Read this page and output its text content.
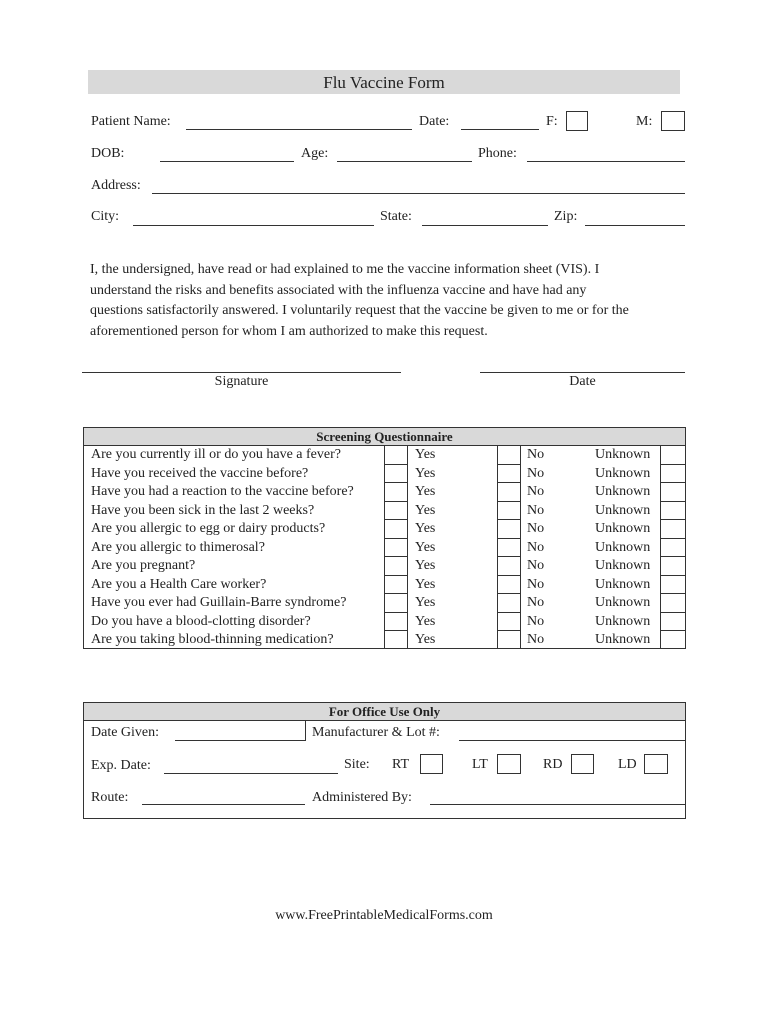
Flu Vaccine Form
Patient Name:	Date:	F:	M:
DOB:	Age:	Phone:
Address:
City:	State:	Zip:
I, the undersigned, have read or had explained to me the vaccine information sheet (VIS). I
understand the risks and benefits associated with the influenza vaccine and have had any
questions satisfactorily answered. I voluntarily request that the vaccine be given to me or for the
aforementioned person for whom I am authorized to make this request.
Signature	Date
Screening Questionnaire
Are you currently ill or do you have a fever?	Yes	No	Unknown
Have you received the vaccine before?	Yes	No	Unknown
Have you had a reaction to the vaccine before?	Yes	No	Unknown
Have you been sick in the last 2 weeks?	Yes	No	Unknown
Are you allergic to egg or dairy products?	Yes	No	Unknown
Are you allergic to thimerosal?	Yes	No	Unknown
Are you pregnant?	Yes	No	Unknown
Are you a Health Care worker?	Yes	No	Unknown
Have you ever had Guillain-Barre syndrome?	Yes	No	Unknown
Do you have a blood-clotting disorder?	Yes	No	Unknown
Are you taking blood-thinning medication?	Yes	No	Unknown
For Office Use Only
Date Given:	Manufacturer & Lot #:
Exp. Date:	Site: RT	LT	RD	LD
Route:	Administered By:
www.FreePrintableMedicalForms.com
